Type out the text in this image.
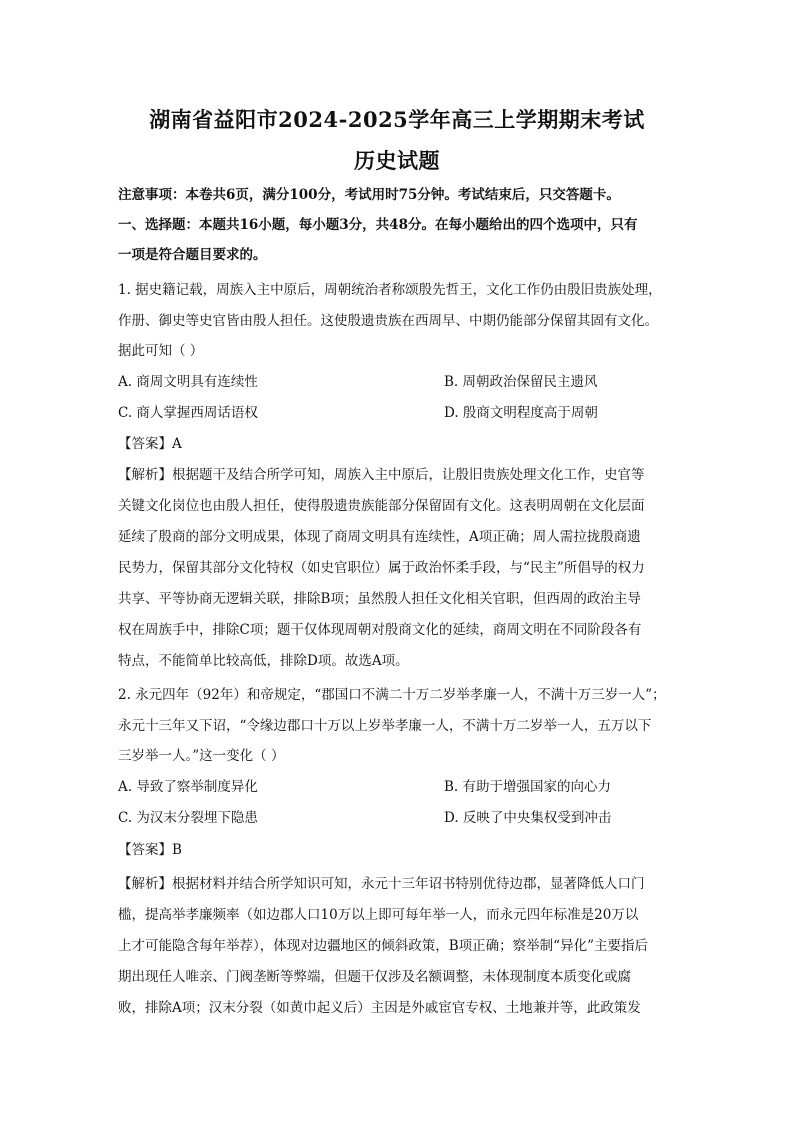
湖南省益阳市2024-2025学年高三上学期期末考试
历史试题
注意事项：本卷共6页，满分100分，考试用时75分钟。考试结束后，只交答题卡。
一、选择题：本题共16小题，每小题3分，共48分。在每小题给出的四个选项中，只有
一项是符合题目要求的。
1. 据史籍记载，周族入主中原后，周朝统治者称颂殷先哲王，文化工作仍由殷旧贵族处理，
作册、御史等史官皆由殷人担任。这使殷遗贵族在西周早、中期仍能部分保留其固有文化。
据此可知（ ）
A. 商周文明具有连续性	B. 周朝政治保留民主遗风
C. 商人掌握西周话语权	D. 殷商文明程度高于周朝
【答案】A
【解析】根据题干及结合所学可知，周族入主中原后，让殷旧贵族处理文化工作，史官等
关键文化岗位也由殷人担任，使得殷遗贵族能部分保留固有文化。这表明周朝在文化层面
延续了殷商的部分文明成果，体现了商周文明具有连续性，A项正确；周人需拉拢殷商遗
民势力，保留其部分文化特权（如史官职位）属于政治怀柔手段，与“民主”所倡导的权力
共享、平等协商无逻辑关联，排除B项；虽然殷人担任文化相关官职，但西周的政治主导
权在周族手中，排除C项；题干仅体现周朝对殷商文化的延续，商周文明在不同阶段各有
特点，不能简单比较高低，排除D项。故选A项。
2. 永元四年（92年）和帝规定，“郡国口不满二十万二岁举孝廉一人，不满十万三岁一人”；
永元十三年又下诏，“令缘边郡口十万以上岁举孝廉一人，不满十万二岁举一人，五万以下
三岁举一人。”这一变化（ ）
A. 导致了察举制度异化	B. 有助于增强国家的向心力
C. 为汉末分裂埋下隐患	D. 反映了中央集权受到冲击
【答案】B
【解析】根据材料并结合所学知识可知，永元十三年诏书特别优待边郡，显著降低人口门
槛，提高举孝廉频率（如边郡人口10万以上即可每年举一人，而永元四年标准是20万以
上才可能隐含每年举荐），体现对边疆地区的倾斜政策，B项正确；察举制“异化”主要指后
期出现任人唯亲、门阀垄断等弊端，但题干仅涉及名额调整，未体现制度本质变化或腐
败，排除A项；汉末分裂（如黄巾起义后）主因是外戚宦官专权、土地兼并等，此政策发
